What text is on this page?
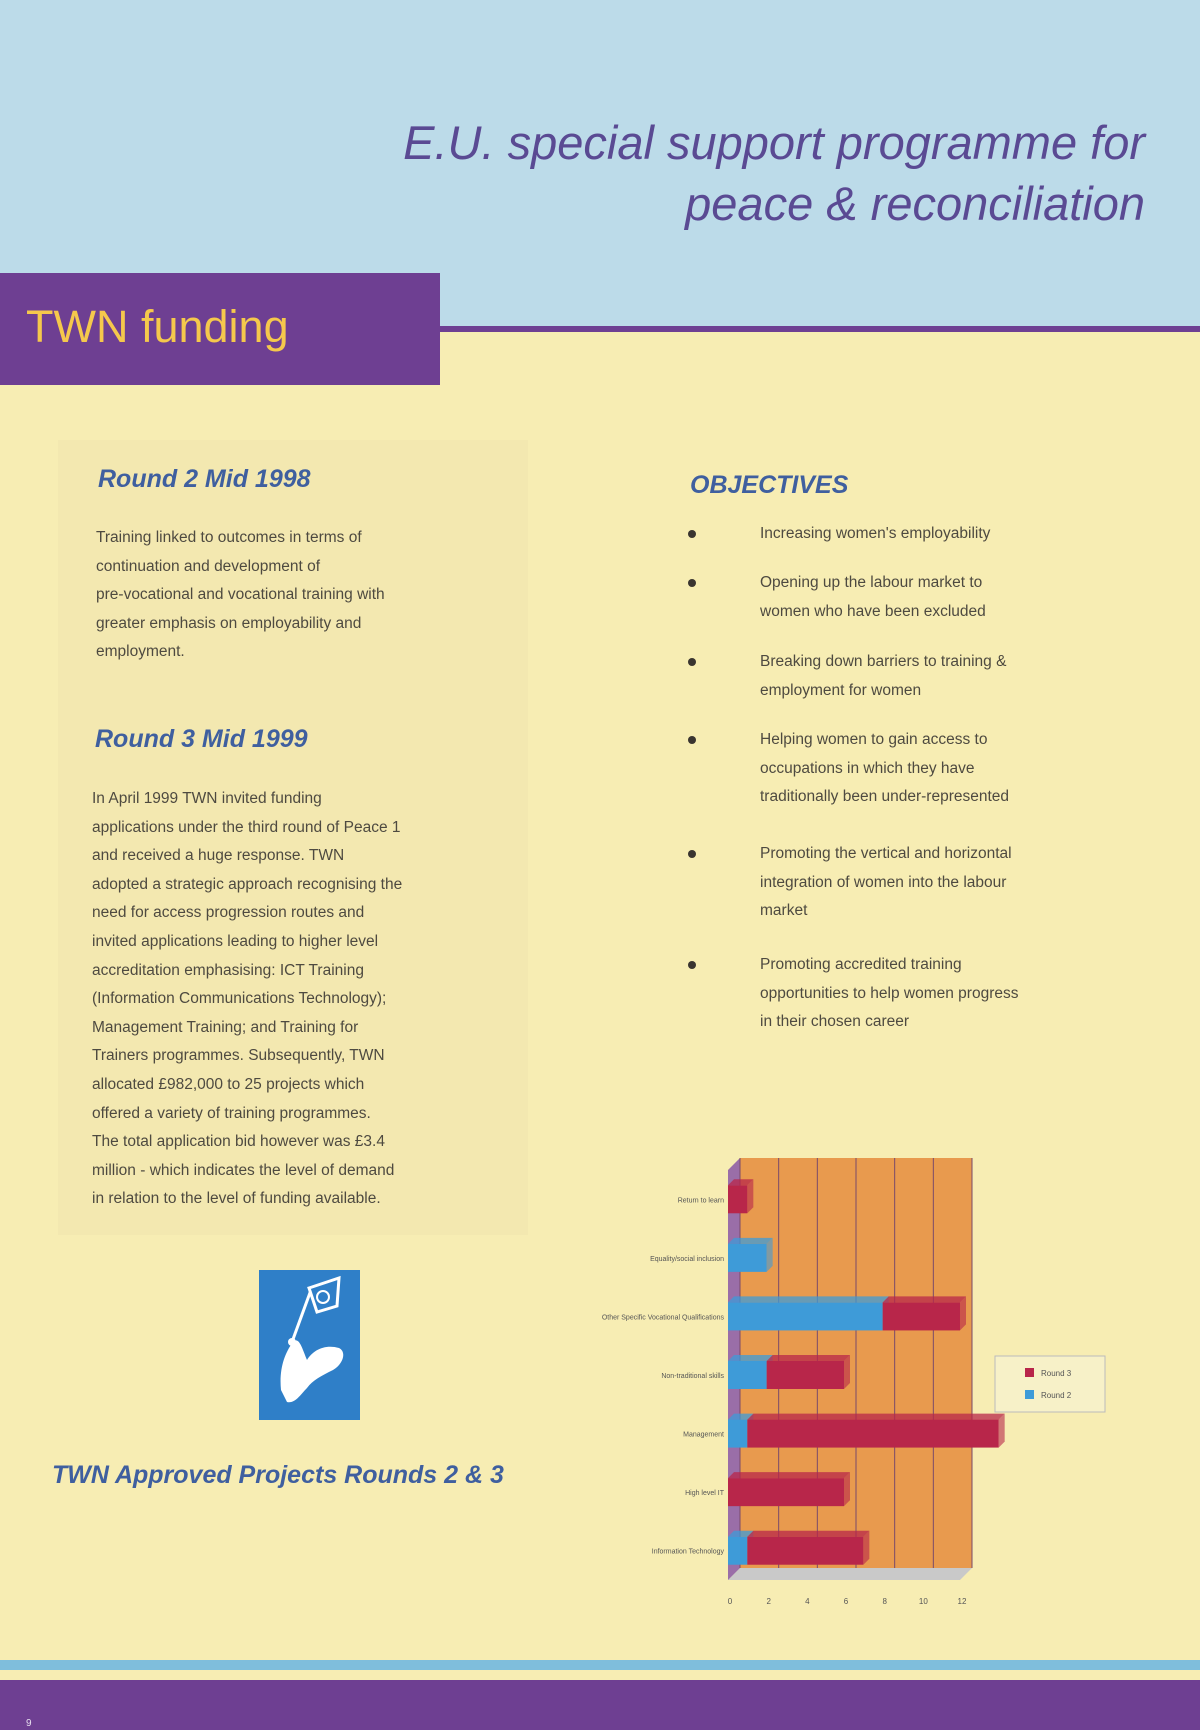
E.U. special support programme for
peace & reconciliation
TWN funding
Round 2 Mid 1998
Training linked to outcomes in terms of
continuation and development of
pre-vocational and vocational training with
greater emphasis on employability and
employment.
Round 3 Mid 1999
In April 1999 TWN invited funding
applications under the third round of Peace 1
and received a huge response. TWN
adopted a strategic approach recognising the
need for access progression routes and
invited applications leading to higher level
accreditation emphasising: ICT Training
(Information Communications Technology);
Management Training; and Training for
Trainers programmes. Subsequently, TWN
allocated £982,000 to 25 projects which
offered a variety of training programmes.
The total application bid however was £3.4
million - which indicates the level of demand
in relation to the level of funding available.
OBJECTIVES
Increasing women's employability
Opening up the labour market to
women who have been excluded
Breaking down barriers to training &
employment for women
Helping women to gain access to
occupations in which they have
traditionally been under-represented
Promoting the vertical and horizontal
integration of women into the labour
market
Promoting accredited training
opportunities to help women progress
in their chosen career
TWN Approved Projects Rounds 2 & 3
Return to learn
Equality/social inclusion
Other Specific Vocational Qualifications
Non-traditional skills
Management
High level IT
Information Technology
0	2	4	6	8	10	12
Round 3
Round 2
9
